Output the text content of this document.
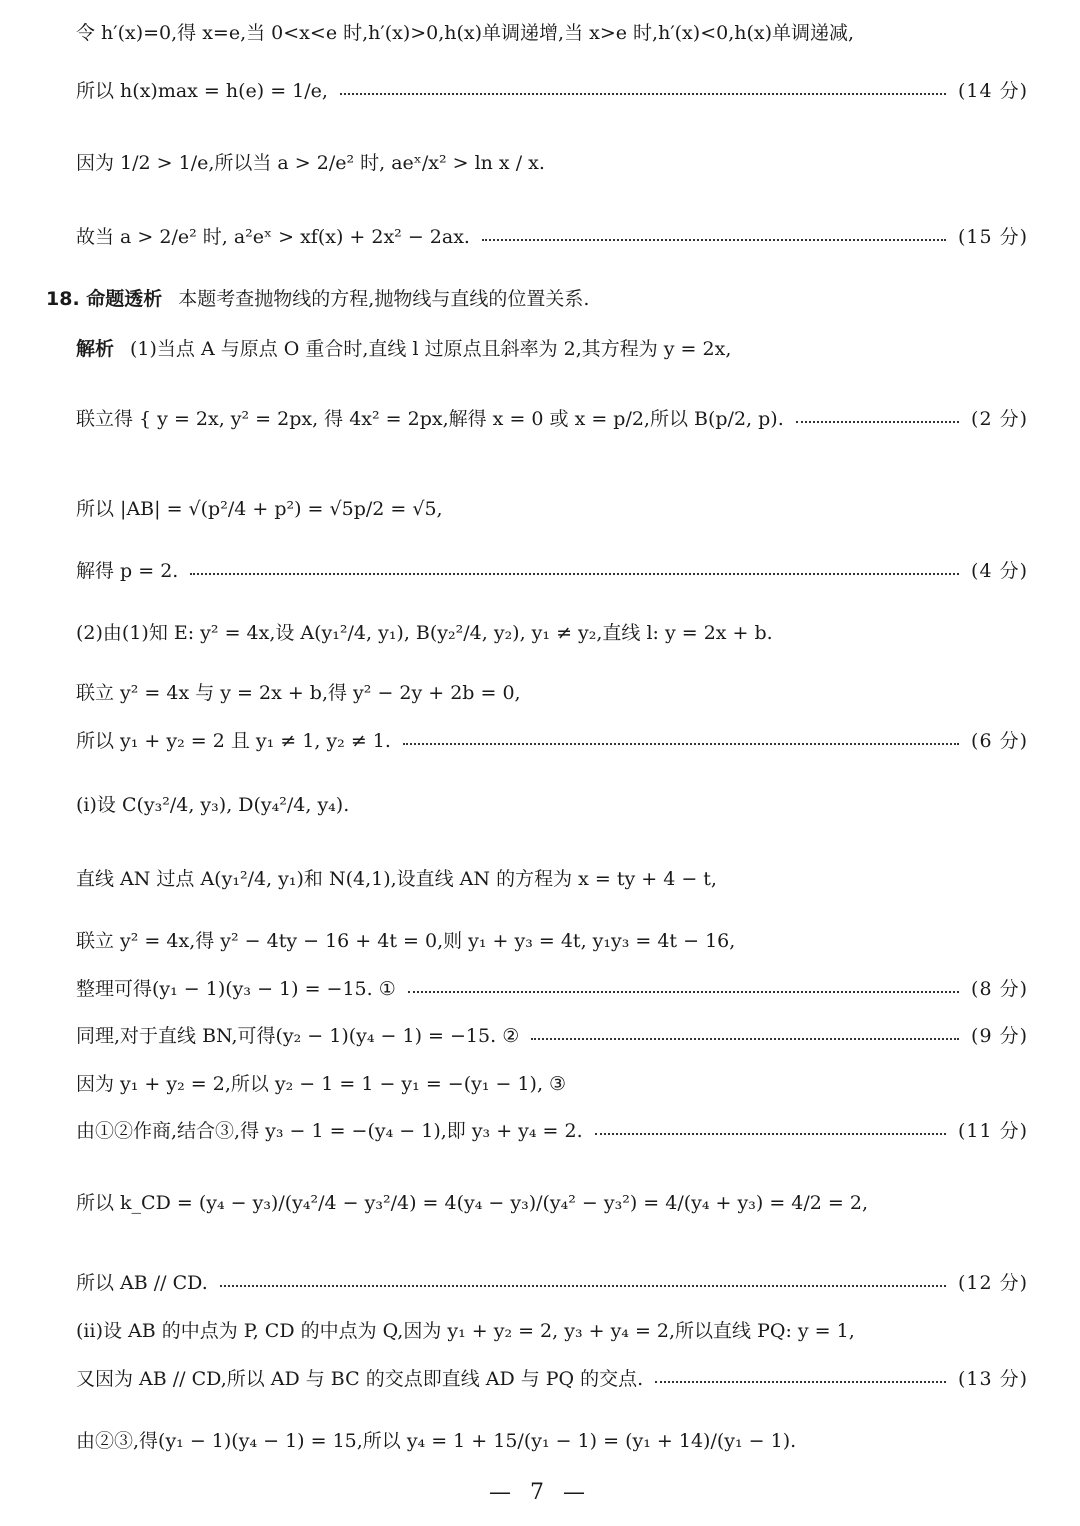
令 h′(x)=0,得 x=e,当 0<x<e 时,h′(x)>0,h(x)单调递增,当 x>e 时,h′(x)<0,h(x)单调递减,
所以 h(x)max = h(e) = 1/e,	(14 分)
因为 1/2 > 1/e,所以当 a > 2/e² 时, aeˣ/x² > ln x / x.
故当 a > 2/e² 时, a²eˣ > xf(x) + 2x² − 2ax.	(15 分)
18. 命题透析 本题考查抛物线的方程,抛物线与直线的位置关系.
解析 (1)当点 A 与原点 O 重合时,直线 l 过原点且斜率为 2,其方程为 y = 2x,
联立得 { y = 2x, y² = 2px, 得 4x² = 2px,解得 x = 0 或 x = p/2,所以 B(p/2, p).	(2 分)
所以 |AB| = √(p²/4 + p²) = √5p/2 = √5,
解得 p = 2.	(4 分)
(2)由(1)知 E: y² = 4x,设 A(y₁²/4, y₁), B(y₂²/4, y₂), y₁ ≠ y₂,直线 l: y = 2x + b.
联立 y² = 4x 与 y = 2x + b,得 y² − 2y + 2b = 0,
所以 y₁ + y₂ = 2 且 y₁ ≠ 1, y₂ ≠ 1.	(6 分)
(ⅰ)设 C(y₃²/4, y₃), D(y₄²/4, y₄).
直线 AN 过点 A(y₁²/4, y₁)和 N(4,1),设直线 AN 的方程为 x = ty + 4 − t,
联立 y² = 4x,得 y² − 4ty − 16 + 4t = 0,则 y₁ + y₃ = 4t, y₁y₃ = 4t − 16,
整理可得(y₁ − 1)(y₃ − 1) = −15. ①	(8 分)
同理,对于直线 BN,可得(y₂ − 1)(y₄ − 1) = −15. ②	(9 分)
因为 y₁ + y₂ = 2,所以 y₂ − 1 = 1 − y₁ = −(y₁ − 1), ③
由①②作商,结合③,得 y₃ − 1 = −(y₄ − 1),即 y₃ + y₄ = 2.	(11 分)
所以 k_CD = (y₄ − y₃)/(y₄²/4 − y₃²/4) = 4(y₄ − y₃)/(y₄² − y₃²) = 4/(y₄ + y₃) = 4/2 = 2,
所以 AB // CD.	(12 分)
(ⅱ)设 AB 的中点为 P, CD 的中点为 Q,因为 y₁ + y₂ = 2, y₃ + y₄ = 2,所以直线 PQ: y = 1,
又因为 AB // CD,所以 AD 与 BC 的交点即直线 AD 与 PQ 的交点.	(13 分)
由②③,得(y₁ − 1)(y₄ − 1) = 15,所以 y₄ = 1 + 15/(y₁ − 1) = (y₁ + 14)/(y₁ − 1).
— 7 —
